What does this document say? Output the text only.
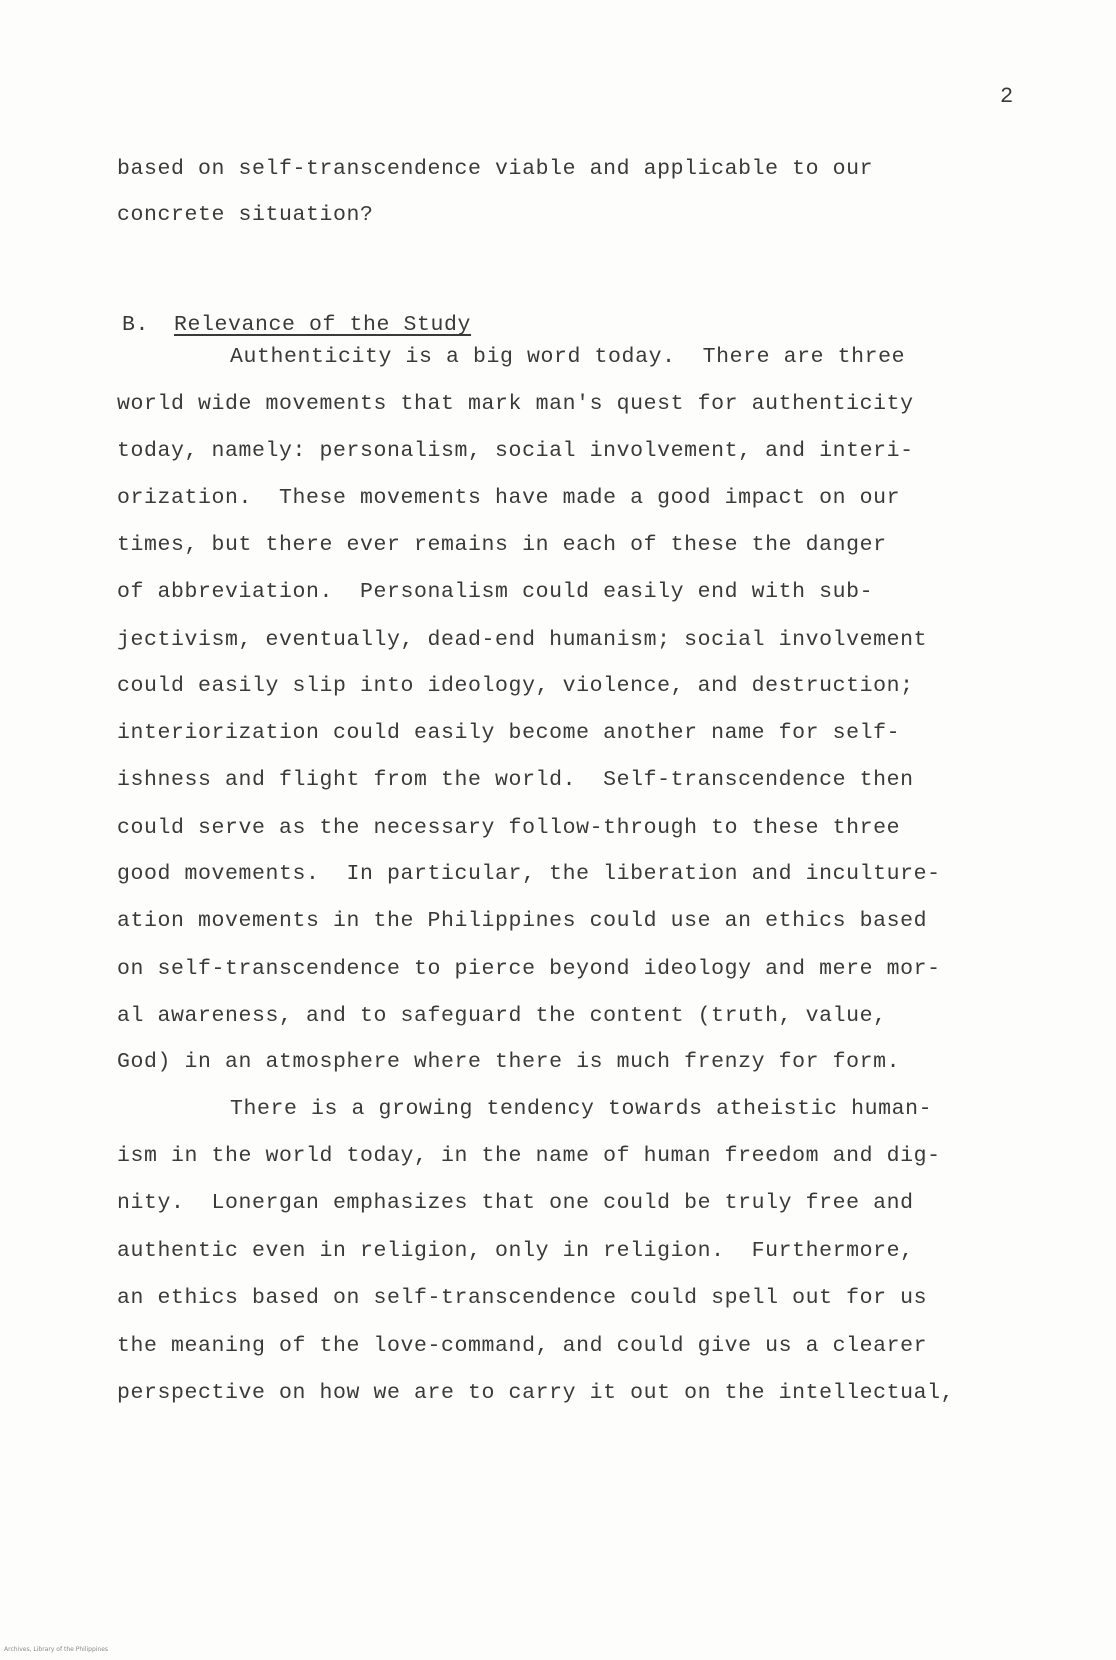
2
based on self-transcendence viable and applicable to our
concrete situation?
B. Relevance of the Study
Authenticity is a big word today.  There are three
world wide movements that mark man's quest for authenticity
today, namely: personalism, social involvement, and interi-
orization.  These movements have made a good impact on our
times, but there ever remains in each of these the danger
of abbreviation.  Personalism could easily end with sub-
jectivism, eventually, dead-end humanism; social involvement
could easily slip into ideology, violence, and destruction;
interiorization could easily become another name for self-
ishness and flight from the world.  Self-transcendence then
could serve as the necessary follow-through to these three
good movements.  In particular, the liberation and inculture-
ation movements in the Philippines could use an ethics based
on self-transcendence to pierce beyond ideology and mere mor-
al awareness, and to safeguard the content (truth, value,
God) in an atmosphere where there is much frenzy for form.
There is a growing tendency towards atheistic human-
ism in the world today, in the name of human freedom and dig-
nity.  Lonergan emphasizes that one could be truly free and
authentic even in religion, only in religion.  Furthermore,
an ethics based on self-transcendence could spell out for us
the meaning of the love-command, and could give us a clearer
perspective on how we are to carry it out on the intellectual,
Archives, Library of the Philippines
